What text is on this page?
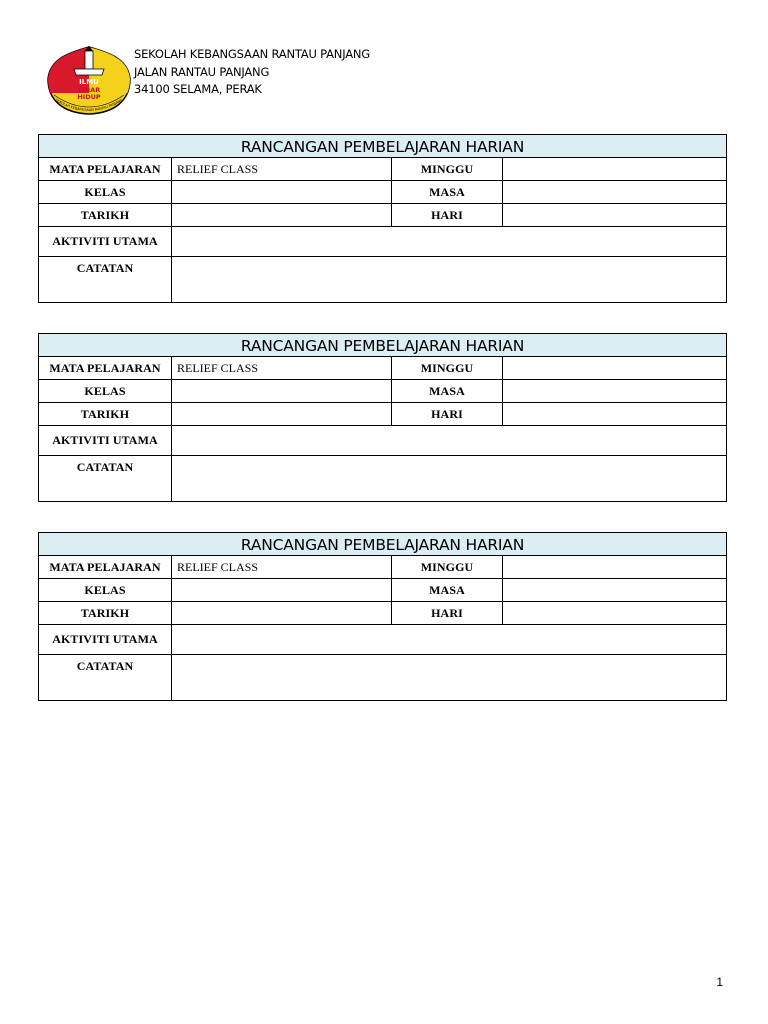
ILMU
SINAR
HIDUP
SEKOLAH KEBANGSAAN RANTAU PANJANG
SEKOLAH KEBANGSAAN RANTAU PANJANG
JALAN RANTAU PANJANG
34100 SELAMA, PERAK
RANCANGAN PEMBELAJARAN HARIAN			
MATA PELAJARAN	RELIEF CLASS	MINGGU	
KELAS		MASA	
TARIKH		HARI	
AKTIVITI UTAMA			
CATATAN			
RANCANGAN PEMBELAJARAN HARIAN			
MATA PELAJARAN	RELIEF CLASS	MINGGU	
KELAS		MASA	
TARIKH		HARI	
AKTIVITI UTAMA			
CATATAN			
RANCANGAN PEMBELAJARAN HARIAN			
MATA PELAJARAN	RELIEF CLASS	MINGGU	
KELAS		MASA	
TARIKH		HARI	
AKTIVITI UTAMA			
CATATAN			
1
